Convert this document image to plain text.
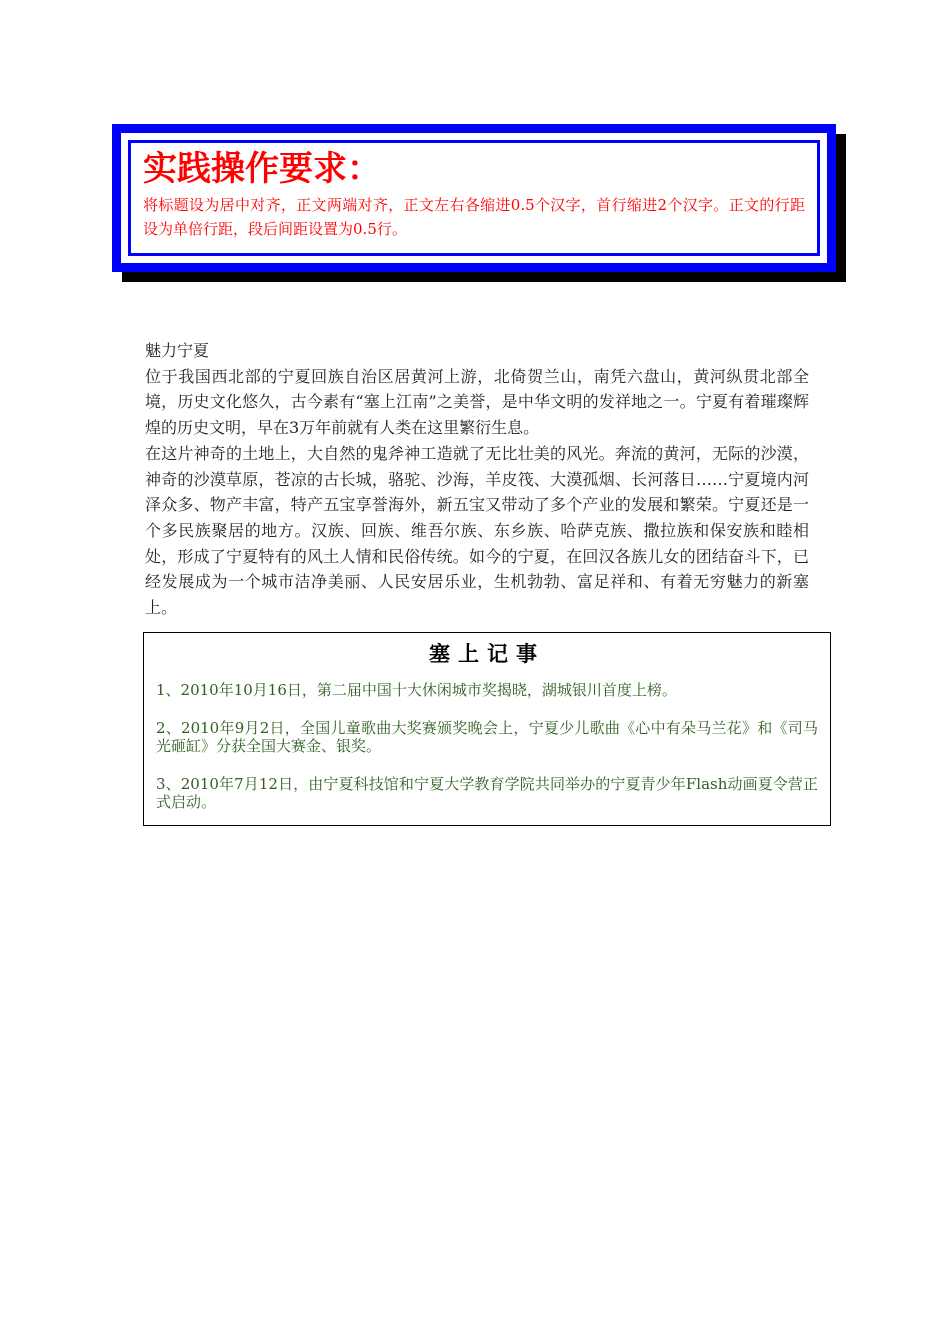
实践操作要求：

将标题设为居中对齐，正文两端对齐，正文左右各缩进0.5个汉字，首行缩进2个汉字。正文的行距设为单倍行距，段后间距设置为0.5行。

魅力宁夏

位于我国西北部的宁夏回族自治区居黄河上游，北倚贺兰山，南凭六盘山，黄河纵贯北部全境，历史文化悠久，古今素有“塞上江南”之美誉，是中华文明的发祥地之一。宁夏有着璀璨辉煌的历史文明，早在3万年前就有人类在这里繁衍生息。

在这片神奇的土地上，大自然的鬼斧神工造就了无比壮美的风光。奔流的黄河，无际的沙漠，神奇的沙漠草原，苍凉的古长城，骆驼、沙海，羊皮筏、大漠孤烟、长河落日……宁夏境内河泽众多、物产丰富，特产五宝享誉海外，新五宝又带动了多个产业的发展和繁荣。宁夏还是一个多民族聚居的地方。汉族、回族、维吾尔族、东乡族、哈萨克族、撒拉族和保安族和睦相处，形成了宁夏特有的风土人情和民俗传统。如今的宁夏，在回汉各族儿女的团结奋斗下，已经发展成为一个城市洁净美丽、人民安居乐业，生机勃勃、富足祥和、有着无穷魅力的新塞上。

塞上记事

1、2010年10月16日，第二届中国十大休闲城市奖揭晓，湖城银川首度上榜。

2、2010年9月2日，全国儿童歌曲大奖赛颁奖晚会上，宁夏少儿歌曲《心中有朵马兰花》和《司马光砸缸》分获全国大赛金、银奖。

3、2010年7月12日，由宁夏科技馆和宁夏大学教育学院共同举办的宁夏青少年Flash动画夏令营正式启动。
